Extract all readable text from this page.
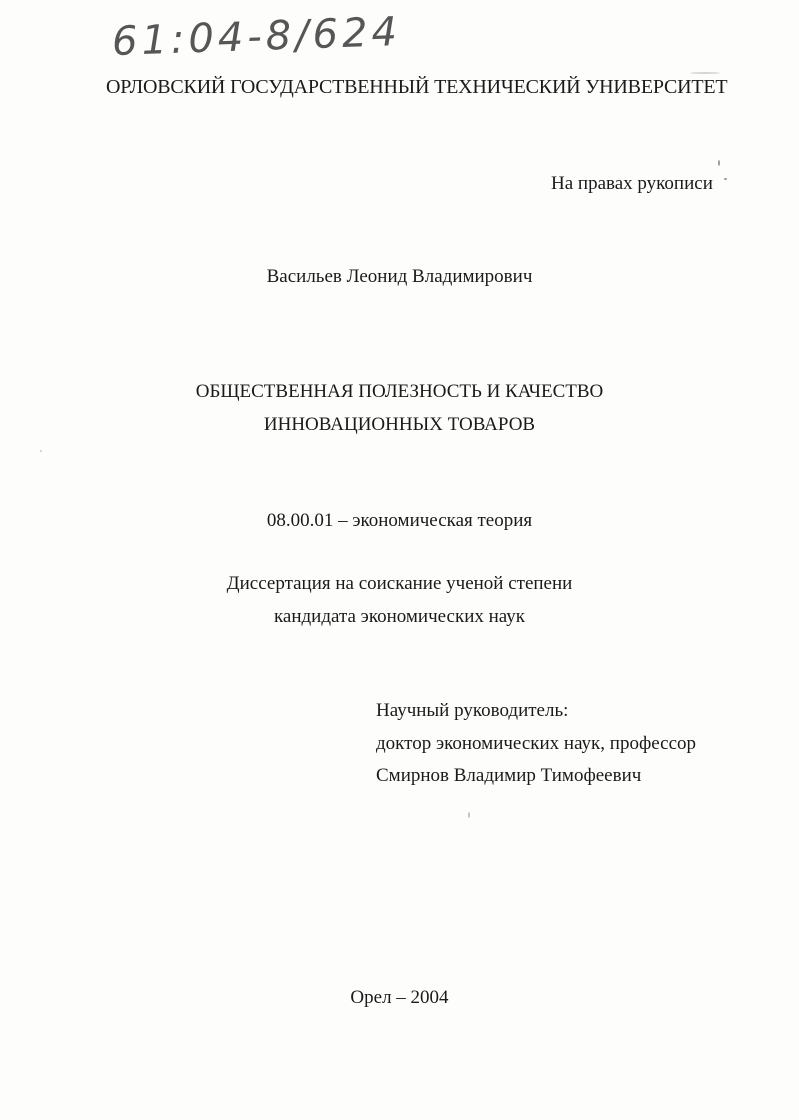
61:04-8/624
ОРЛОВСКИЙ ГОСУДАРСТВЕННЫЙ ТЕХНИЧЕСКИЙ УНИВЕРСИТЕТ
На правах рукописи
Васильев Леонид Владимирович
ОБЩЕСТВЕННАЯ ПОЛЕЗНОСТЬ И КАЧЕСТВО
ИННОВАЦИОННЫХ ТОВАРОВ
08.00.01 – экономическая теория
Диссертация на соискание ученой степени
кандидата экономических наук
Научный руководитель:
доктор экономических наук, профессор
Смирнов Владимир Тимофеевич
Орел – 2004
